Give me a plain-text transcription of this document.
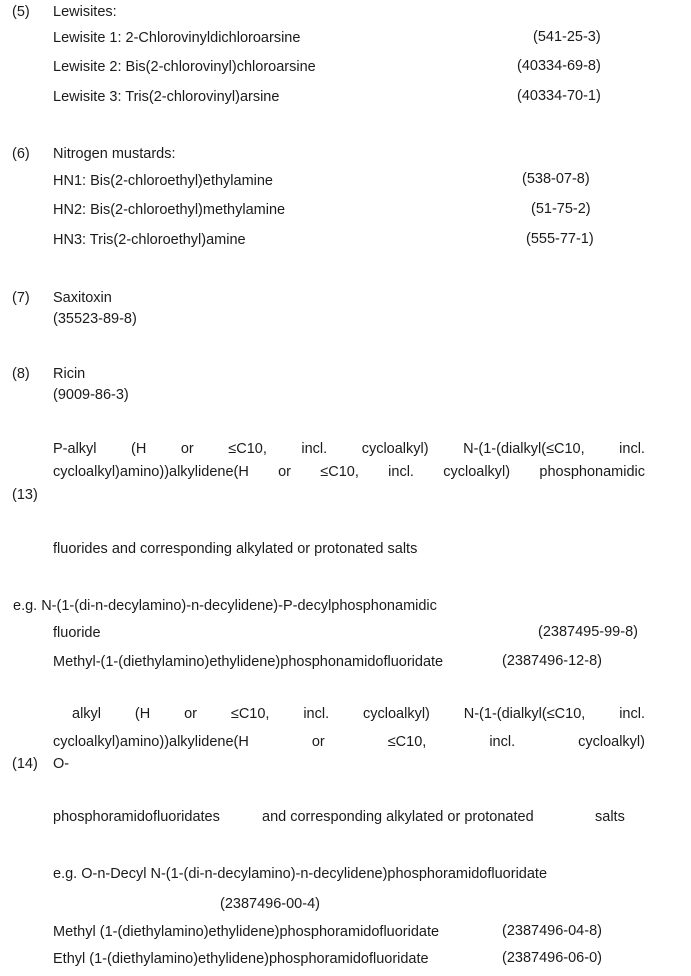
(5) Lewisites:
Lewisite 1: 2-Chlorovinyldichloroarsine	(541-25-3)
Lewisite 2: Bis(2-chlorovinyl)chloroarsine	(40334-69-8)
Lewisite 3: Tris(2-chlorovinyl)arsine	(40334-70-1)
(6) Nitrogen mustards:
HN1: Bis(2-chloroethyl)ethylamine	(538-07-8)
HN2: Bis(2-chloroethyl)methylamine	(51-75-2)
HN3: Tris(2-chloroethyl)amine	(555-77-1)
(7) Saxitoxin
(35523-89-8)
(8) Ricin
(9009-86-3)
P-alkyl (H or ≤C10, incl. cycloalkyl) N-(1-(dialkyl(≤C10, incl.
cycloalkyl)amino))alkylidene(H or ≤C10, incl. cycloalkyl) phosphonamidic
(13)
fluorides and corresponding alkylated or protonated salts
e.g. N-(1-(di-n-decylamino)-n-decylidene)-P-decylphosphonamidic
fluoride	(2387495-99-8)
Methyl-(1-(diethylamino)ethylidene)phosphonamidofluoridate	(2387496-12-8)
alkyl (H or ≤C10, incl. cycloalkyl) N-(1-(dialkyl(≤C10, incl.
cycloalkyl)amino))alkylidene(H	or	≤C10,	incl.	cycloalkyl)
(14) O-
phosphoramidofluoridates	and corresponding alkylated or protonated	salts
e.g. O-n-Decyl N-(1-(di-n-decylamino)-n-decylidene)phosphoramidofluoridate
(2387496-00-4)
Methyl (1-(diethylamino)ethylidene)phosphoramidofluoridate	(2387496-04-8)
Ethyl (1-(diethylamino)ethylidene)phosphoramidofluoridate	(2387496-06-0)
